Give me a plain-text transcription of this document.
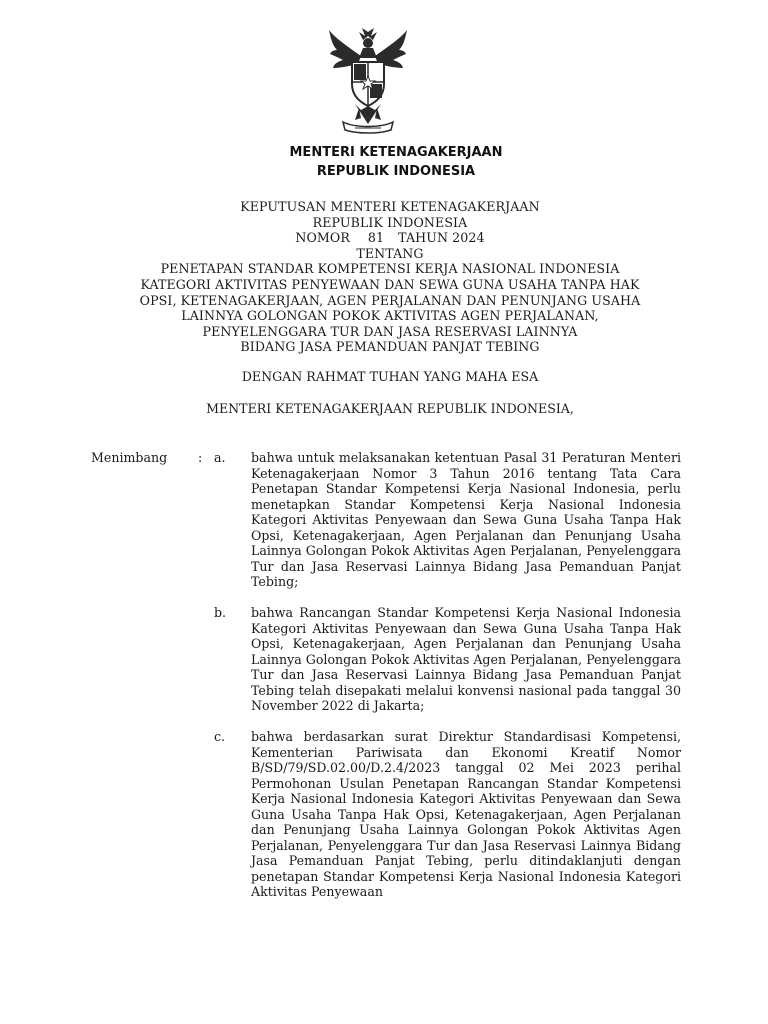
MENTERI KETENAGAKERJAAN
REPUBLIK INDONESIA
KEPUTUSAN MENTERI KETENAGAKERJAAN
REPUBLIK INDONESIA
NOMOR 81 TAHUN 2024
TENTANG
PENETAPAN STANDAR KOMPETENSI KERJA NASIONAL INDONESIA
KATEGORI AKTIVITAS PENYEWAAN DAN SEWA GUNA USAHA TANPA HAK
OPSI, KETENAGAKERJAAN, AGEN PERJALANAN DAN PENUNJANG USAHA
LAINNYA GOLONGAN POKOK AKTIVITAS AGEN PERJALANAN,
PENYELENGGARA TUR DAN JASA RESERVASI LAINNYA
BIDANG JASA PEMANDUAN PANJAT TEBING
DENGAN RAHMAT TUHAN YANG MAHA ESA
MENTERI KETENAGAKERJAAN REPUBLIK INDONESIA,
Menimbang : a. bahwa untuk melaksanakan ketentuan Pasal 31 Peraturan Menteri Ketenagakerjaan Nomor 3 Tahun 2016 tentang Tata Cara Penetapan Standar Kompetensi Kerja Nasional Indonesia, perlu menetapkan Standar Kompetensi Kerja Nasional Indonesia Kategori Aktivitas Penyewaan dan Sewa Guna Usaha Tanpa Hak Opsi, Ketenagakerjaan, Agen Perjalanan dan Penunjang Usaha Lainnya Golongan Pokok Aktivitas Agen Perjalanan, Penyelenggara Tur dan Jasa Reservasi Lainnya Bidang Jasa Pemanduan Panjat Tebing;
b. bahwa Rancangan Standar Kompetensi Kerja Nasional Indonesia Kategori Aktivitas Penyewaan dan Sewa Guna Usaha Tanpa Hak Opsi, Ketenagakerjaan, Agen Perjalanan dan Penunjang Usaha Lainnya Golongan Pokok Aktivitas Agen Perjalanan, Penyelenggara Tur dan Jasa Reservasi Lainnya Bidang Jasa Pemanduan Panjat Tebing telah disepakati melalui konvensi nasional pada tanggal 30 November 2022 di Jakarta;
c. bahwa berdasarkan surat Direktur Standardisasi Kompetensi, Kementerian Pariwisata dan Ekonomi Kreatif Nomor B/SD/79/SD.02.00/D.2.4/2023 tanggal 02 Mei 2023 perihal Permohonan Usulan Penetapan Rancangan Standar Kompetensi Kerja Nasional Indonesia Kategori Aktivitas Penyewaan dan Sewa Guna Usaha Tanpa Hak Opsi, Ketenagakerjaan, Agen Perjalanan dan Penunjang Usaha Lainnya Golongan Pokok Aktivitas Agen Perjalanan, Penyelenggara Tur dan Jasa Reservasi Lainnya Bidang Jasa Pemanduan Panjat Tebing, perlu ditindaklanjuti dengan penetapan Standar Kompetensi Kerja Nasional Indonesia Kategori Aktivitas Penyewaan
